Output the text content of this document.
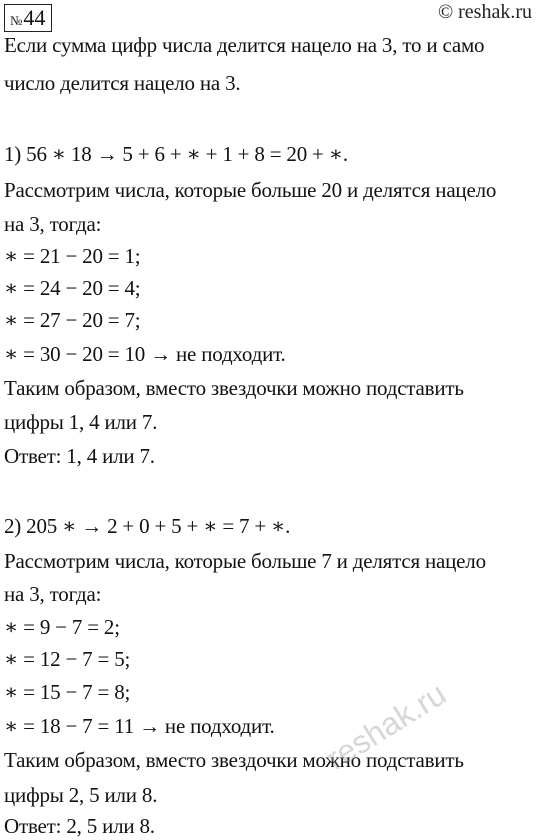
№ 44	© reshak.ru
Если сумма цифр числа делится нацело на 3, то и само
число делится нацело на 3.
1) 56 ∗ 18 → 5 + 6 + ∗ + 1 + 8 = 20 + ∗.
Рассмотрим числа, которые больше 20 и делятся нацело
на 3, тогда:
∗ = 21 − 20 = 1;
∗ = 24 − 20 = 4;
∗ = 27 − 20 = 7;
∗ = 30 − 20 = 10 → не подходит.
Таким образом, вместо звездочки можно подставить
цифры 1, 4 или 7.
Ответ: 1, 4 или 7.
2) 205 ∗ → 2 + 0 + 5 + ∗ = 7 + ∗.
Рассмотрим числа, которые больше 7 и делятся нацело
на 3, тогда:
∗ = 9 − 7 = 2;
∗ = 12 − 7 = 5;
∗ = 15 − 7 = 8;
∗ = 18 − 7 = 11 → не подходит.
Таким образом, вместо звездочки можно подставить
цифры 2, 5 или 8.
Ответ: 2, 5 или 8.
reshak.ru
